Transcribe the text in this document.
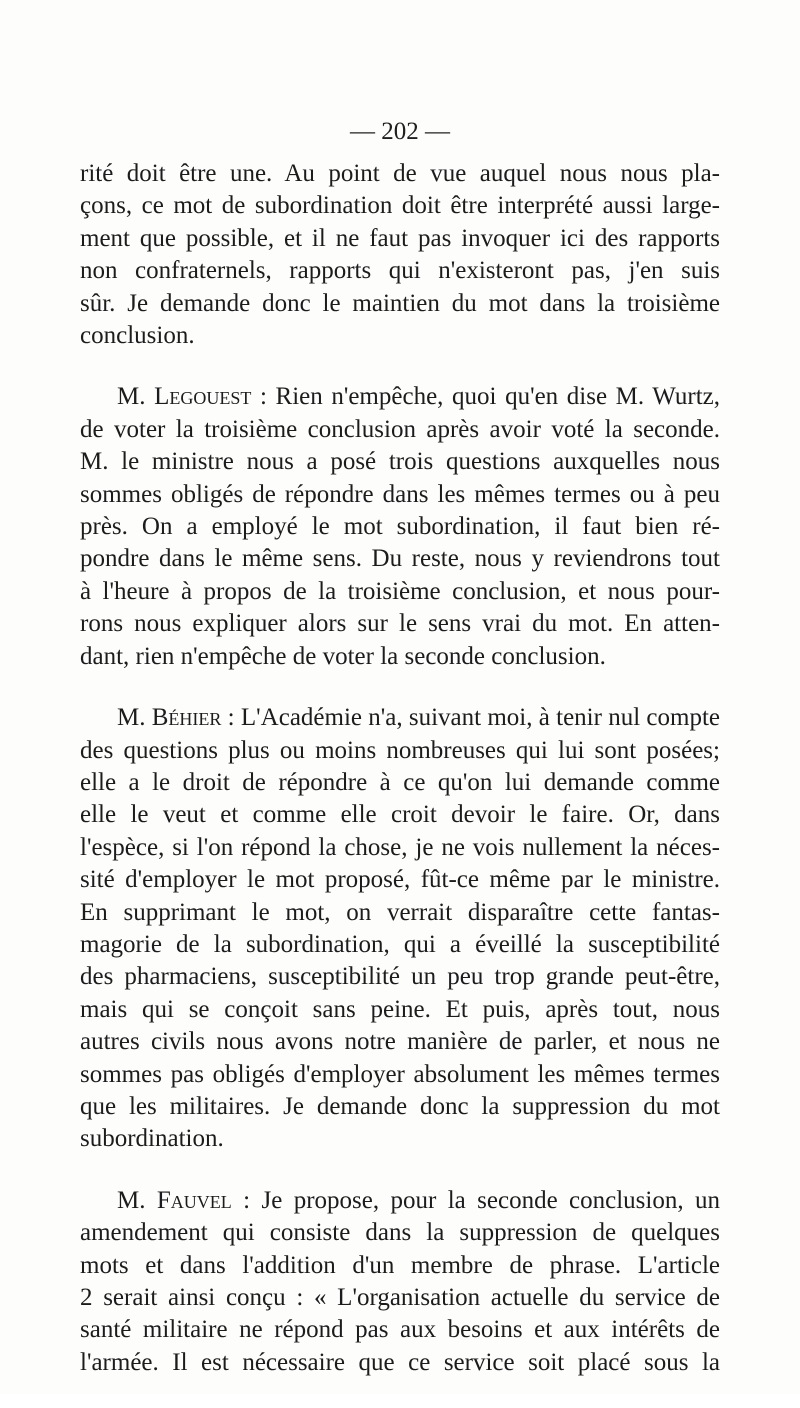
— 202 —
rité doit être une. Au point de vue auquel nous nous pla-
çons, ce mot de subordination doit être interprété aussi large-
ment que possible, et il ne faut pas invoquer ici des rapports
non confraternels, rapports qui n'existeront pas, j'en suis
sûr. Je demande donc le maintien du mot dans la troisième
conclusion.
M. Legouest : Rien n'empêche, quoi qu'en dise M. Wurtz,
de voter la troisième conclusion après avoir voté la seconde.
M. le ministre nous a posé trois questions auxquelles nous
sommes obligés de répondre dans les mêmes termes ou à peu
près. On a employé le mot subordination, il faut bien ré-
pondre dans le même sens. Du reste, nous y reviendrons tout
à l'heure à propos de la troisième conclusion, et nous pour-
rons nous expliquer alors sur le sens vrai du mot. En atten-
dant, rien n'empêche de voter la seconde conclusion.
M. Béhier : L'Académie n'a, suivant moi, à tenir nul compte
des questions plus ou moins nombreuses qui lui sont posées;
elle a le droit de répondre à ce qu'on lui demande comme
elle le veut et comme elle croit devoir le faire. Or, dans
l'espèce, si l'on répond la chose, je ne vois nullement la néces-
sité d'employer le mot proposé, fût-ce même par le ministre.
En supprimant le mot, on verrait disparaître cette fantas-
magorie de la subordination, qui a éveillé la susceptibilité
des pharmaciens, susceptibilité un peu trop grande peut-être,
mais qui se conçoit sans peine. Et puis, après tout, nous
autres civils nous avons notre manière de parler, et nous ne
sommes pas obligés d'employer absolument les mêmes termes
que les militaires. Je demande donc la suppression du mot
subordination.
M. Fauvel : Je propose, pour la seconde conclusion, un
amendement qui consiste dans la suppression de quelques
mots et dans l'addition d'un membre de phrase. L'article
2 serait ainsi conçu : « L'organisation actuelle du service de
santé militaire ne répond pas aux besoins et aux intérêts de
l'armée. Il est nécessaire que ce service soit placé sous la
